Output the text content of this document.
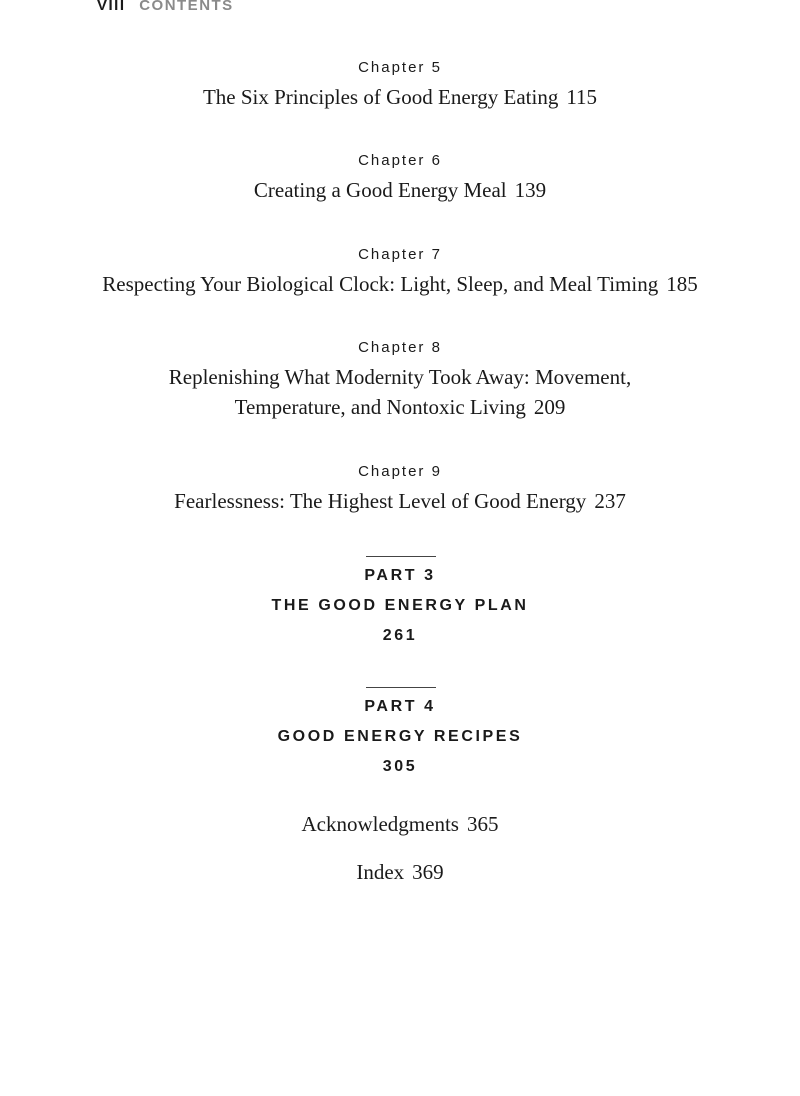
VIII CONTENTS
Chapter 5
The Six Principles of Good Energy Eating 115
Chapter 6
Creating a Good Energy Meal 139
Chapter 7
Respecting Your Biological Clock: Light, Sleep, and Meal Timing 185
Chapter 8
Replenishing What Modernity Took Away: Movement,
Temperature, and Nontoxic Living 209
Chapter 9
Fearlessness: The Highest Level of Good Energy 237
PART 3
THE GOOD ENERGY PLAN
261
PART 4
GOOD ENERGY RECIPES
305
Acknowledgments 365
Index 369
